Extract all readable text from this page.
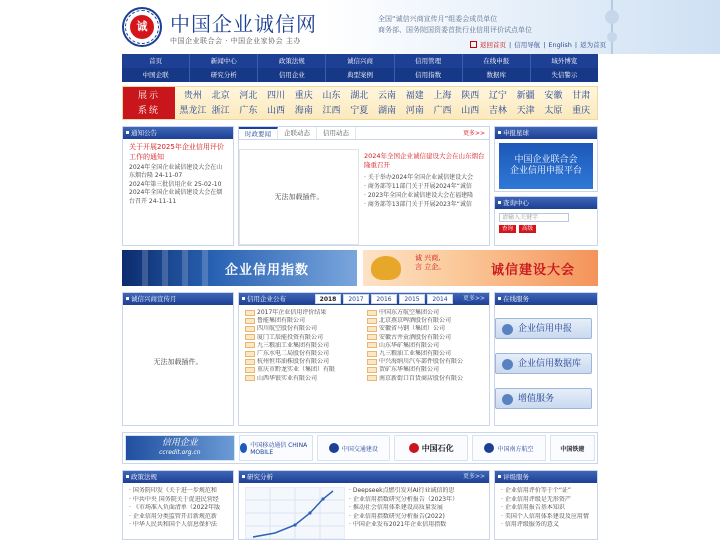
诚	中国企业诚信网
中国企业联合会 · 中国企业家协会 主办
全国“诚信兴商宣传月”组委会成员单位
商务部、国务院国资委首批行业信用评价试点单位
返回首页 | 信用导航 | English | 返为首页
首页	新闻中心	政策法规	诚信兴商	信用管理	在线申报	域外博览
中国企联	研究分析	信用企业	典型案例	信用指数	数据库	失信警示
展示
系统
贵州	北京	河北	四川	重庆	山东	湖北	云南	福建	上海	陕西	辽宁	新疆	安徽	甘肃
黑龙江 浙江	广东	山西	海南	江西	宁夏	湖南	河南	广西	山西	吉林	天津	太原	重庆
通知公告
关于开展2025年企业信用评价工作的通知
2024年全国企业诚信建设大会在山东烟台隆 24-11-07
2024年第三批信用企业 25-02-10
2024年全国企业诚信建设大会在烟台召开 24-11-11
时政要闻	企联动态	信用动态	更多>>
无法加载插件。
2024年全国企业诚信建设大会在山东烟台隆重召开
· 关于举办2024年全国企业诚信建设大会
· 商务部等11部门关于开展2024年“诚信
· 2023年全国企业诚信建设大会在福建隆
· 商务部等13部门关于开展2023年“诚信
申报星球
中国企业联合会
企业信用申报平台
查询中心
请输入关键字
查询	高级
企业信用指数
诚 兴商,
言 立企。	诚信建设大会
诚信兴商宣传月
无法加载插件。
信用企业公布	更多>>
2018	2017	2016	2015	2014
2017年企业信用评价结果	中国东方航空集团公司
鲁能集团有限公司	北京燕京啤酒股份有限公司
四川航空股份有限公司	安徽省马钢（集团）公司
厦门工辰能投资有限公司	安徽古井贡酒股份有限公司
九三粮油工业集团有限公司	山东华矿集团有限公司
广东水电二局股份有限公司	九三粮油工业集团有限公司
杭州恒邦油株股份有限公司	中兴海纳川汽车部件股份有限公
重庆市黔龙实业（集团）有限	贺矿东华集团有限公司
山西华银实业有限公司	南京新街口百货商店股份有限公
在线服务
企业信用申报
企业信用数据库
增值服务
信用企业
ccredit.org.cn
中国移动通信 CHINA MOBILE	中国交通建设	中国石化	中国南方航空	中国铁建
政策法规
· 国务院印发《关于进一步规范和
· 中共中央 国务院关于促进民营经
· 《市场准入负面清单（2022年版
· 企业信用分类监管开启新规范新
· 中华人民共和国个人信息保护法
研究分析	更多>>
· Deepseek点燃引发对AI行业诚信的思
· 企业信用指数研究分析报告（2023年）
· 推动社会信用体系建设高质量发展
· 企业信用指数研究分析报告(2022)
· 中国企业发布2021年企业信用指数
评级服务
· 企业信用评价等于个“证”
· 企业信用评级是无形资产
· 企业信用报告基本知识
· 美国个人信用体系建设及应用情
· 信用评级服务的意义
